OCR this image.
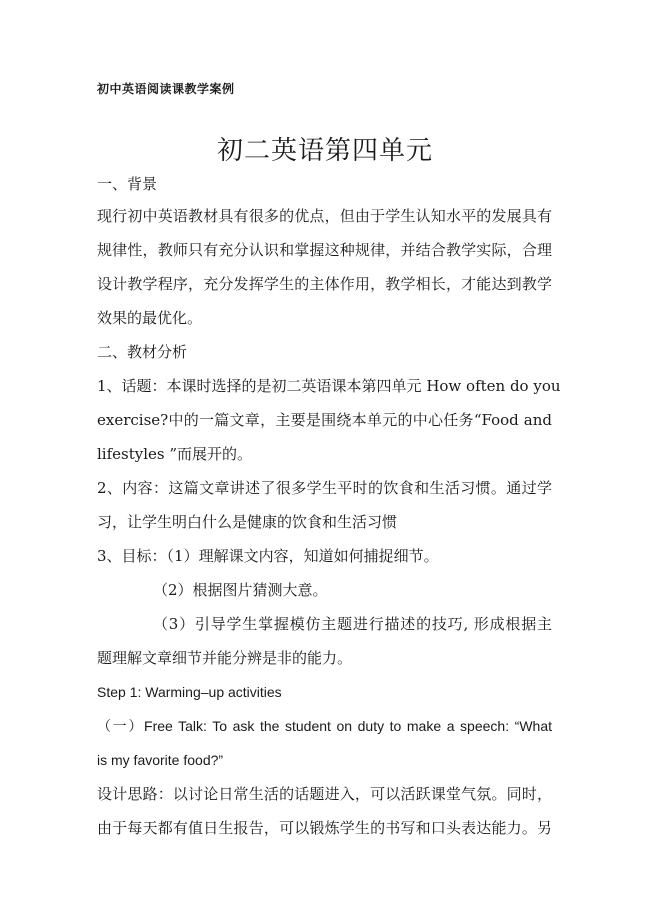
初中英语阅读课教学案例
初二英语第四单元
一、背景
现行初中英语教材具有很多的优点，但由于学生认知水平的发展具有
规律性，教师只有充分认识和掌握这种规律，并结合教学实际，合理
设计教学程序，充分发挥学生的主体作用，教学相长，才能达到教学
效果的最优化。
二、教材分析
1、话题：本课时选择的是初二英语课本第四单元 How often do you
exercise?中的一篇文章，主要是围绕本单元的中心任务“Food and
lifestyles ”而展开的。
2、内容：这篇文章讲述了很多学生平时的饮食和生活习惯。通过学
习，让学生明白什么是健康的饮食和生活习惯
3、目标：（1）理解课文内容，知道如何捕捉细节。
（2）根据图片猜测大意。
（3）引导学生掌握模仿主题进行描述的技巧, 形成根据主
题理解文章细节并能分辨是非的能力。
Step 1: Warming–up activities
（一）Free Talk: To ask the student on duty to make a speech: “What
is my favorite food?”
设计思路：以讨论日常生活的话题进入，可以活跃课堂气氛。同时，
由于每天都有值日生报告，可以锻炼学生的书写和口头表达能力。另
